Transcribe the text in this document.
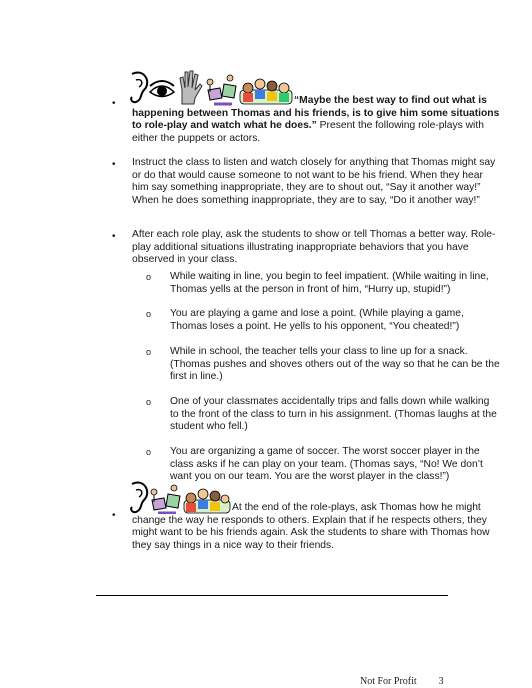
•	“Maybe the best way to find out what is happening between Thomas and his friends, is to give him some situations to role-play and watch what he does.” Present the following role-plays with either the puppets or actors.
• Instruct the class to listen and watch closely for anything that Thomas might say or do that would cause someone to not want to be his friend. When they hear him say something inappropriate, they are to shout out, “Say it another way!” When he does something inappropriate, they are to say, “Do it another way!”
• After each role play, ask the students to show or tell Thomas a better way. Role-play additional situations illustrating inappropriate behaviors that you have observed in your class.
o While waiting in line, you begin to feel impatient. (While waiting in line, Thomas yells at the person in front of him, “Hurry up, stupid!”)
o You are playing a game and lose a point. (While playing a game, Thomas loses a point. He yells to his opponent, “You cheated!”)
o While in school, the teacher tells your class to line up for a snack. (Thomas pushes and shoves others out of the way so that he can be the first in line.)
o One of your classmates accidentally trips and falls down while walking to the front of the class to turn in his assignment. (Thomas laughs at the student who fell.)
o You are organizing a game of soccer. The worst soccer player in the class asks if he can play on your team. (Thomas says, “No! We don’t want you on our team. You are the worst player in the class!”)
•
At the end of the role-plays, ask Thomas how he might change the way he responds to others. Explain that if he respects others, they might want to be his friends again. Ask the students to share with Thomas how they say things in a nice way to their friends.
Not For Profit 3
